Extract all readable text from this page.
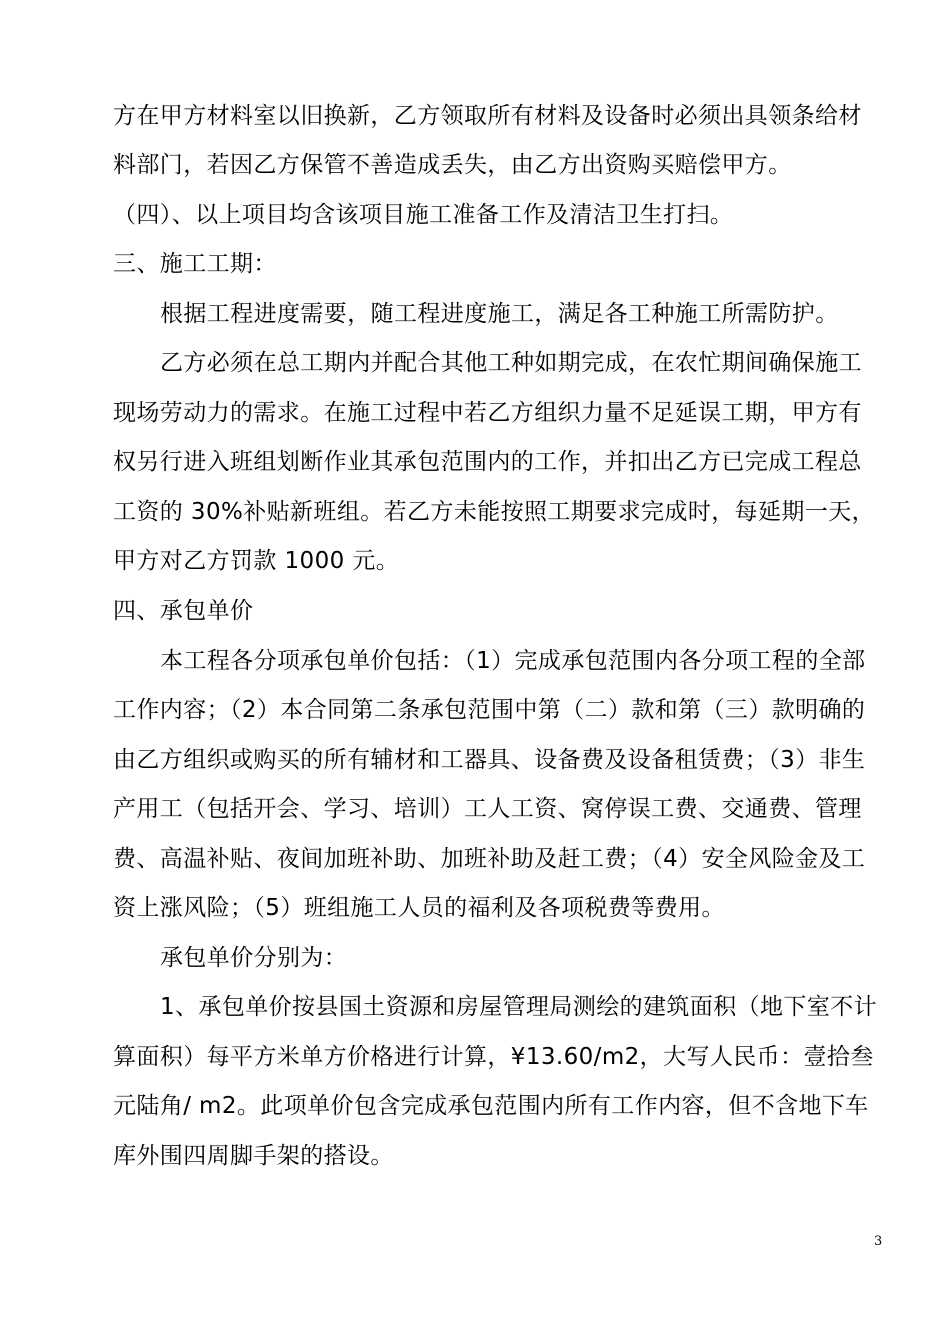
方在甲方材料室以旧换新，乙方领取所有材料及设备时必须出具领条给材
料部门，若因乙方保管不善造成丢失，由乙方出资购买赔偿甲方。
（四）、以上项目均含该项目施工准备工作及清洁卫生打扫。
三、施工工期：
根据工程进度需要，随工程进度施工，满足各工种施工所需防护。
乙方必须在总工期内并配合其他工种如期完成，在农忙期间确保施工
现场劳动力的需求。在施工过程中若乙方组织力量不足延误工期，甲方有
权另行进入班组划断作业其承包范围内的工作，并扣出乙方已完成工程总
工资的 30%补贴新班组。若乙方未能按照工期要求完成时，每延期一天，
甲方对乙方罚款 1000 元。
四、承包单价
本工程各分项承包单价包括：（1）完成承包范围内各分项工程的全部
工作内容；（2）本合同第二条承包范围中第（二）款和第（三）款明确的
由乙方组织或购买的所有辅材和工器具、设备费及设备租赁费；（3）非生
产用工（包括开会、学习、培训）工人工资、窝停误工费、交通费、管理
费、高温补贴、夜间加班补助、加班补助及赶工费；（4）安全风险金及工
资上涨风险；（5）班组施工人员的福利及各项税费等费用。
承包单价分别为：
1、承包单价按县国土资源和房屋管理局测绘的建筑面积（地下室不计
算面积）每平方米单方价格进行计算，¥13.60/m2，大写人民币：壹拾叁
元陆角/ m2。此项单价包含完成承包范围内所有工作内容，但不含地下车
库外围四周脚手架的搭设。
3
